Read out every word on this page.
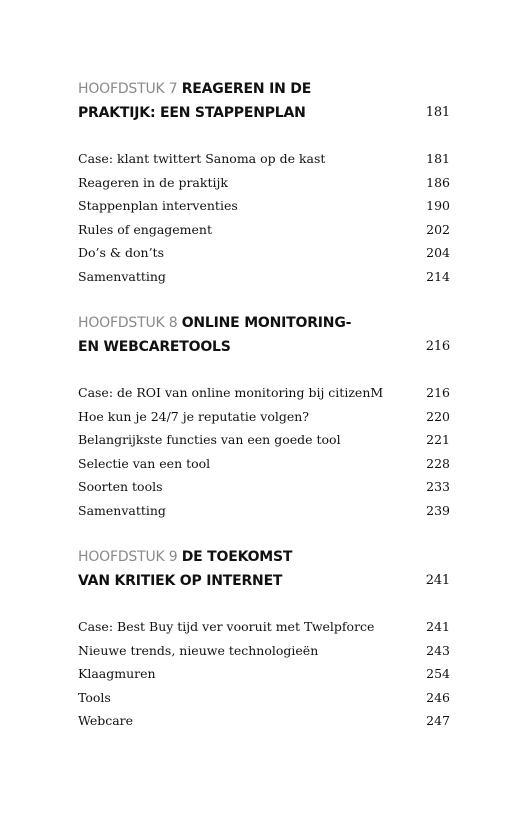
HOOFDSTUK 7 REAGEREN IN DE
PRAKTIJK: EEN STAPPENPLAN	181
Case: klant twittert Sanoma op de kast	181
Reageren in de praktijk	186
Stappenplan interventies	190
Rules of engagement	202
Do’s & don’ts	204
Samenvatting	214
HOOFDSTUK 8 ONLINE MONITORING-
EN WEBCARETOOLS	216
Case: de ROI van online monitoring bij citizenM	216
Hoe kun je 24/7 je reputatie volgen?	220
Belangrijkste functies van een goede tool	221
Selectie van een tool	228
Soorten tools	233
Samenvatting	239
HOOFDSTUK 9 DE TOEKOMST
VAN KRITIEK OP INTERNET	241
Case: Best Buy tijd ver vooruit met Twelpforce	241
Nieuwe trends, nieuwe technologieën	243
Klaagmuren	254
Tools	246
Webcare	247
